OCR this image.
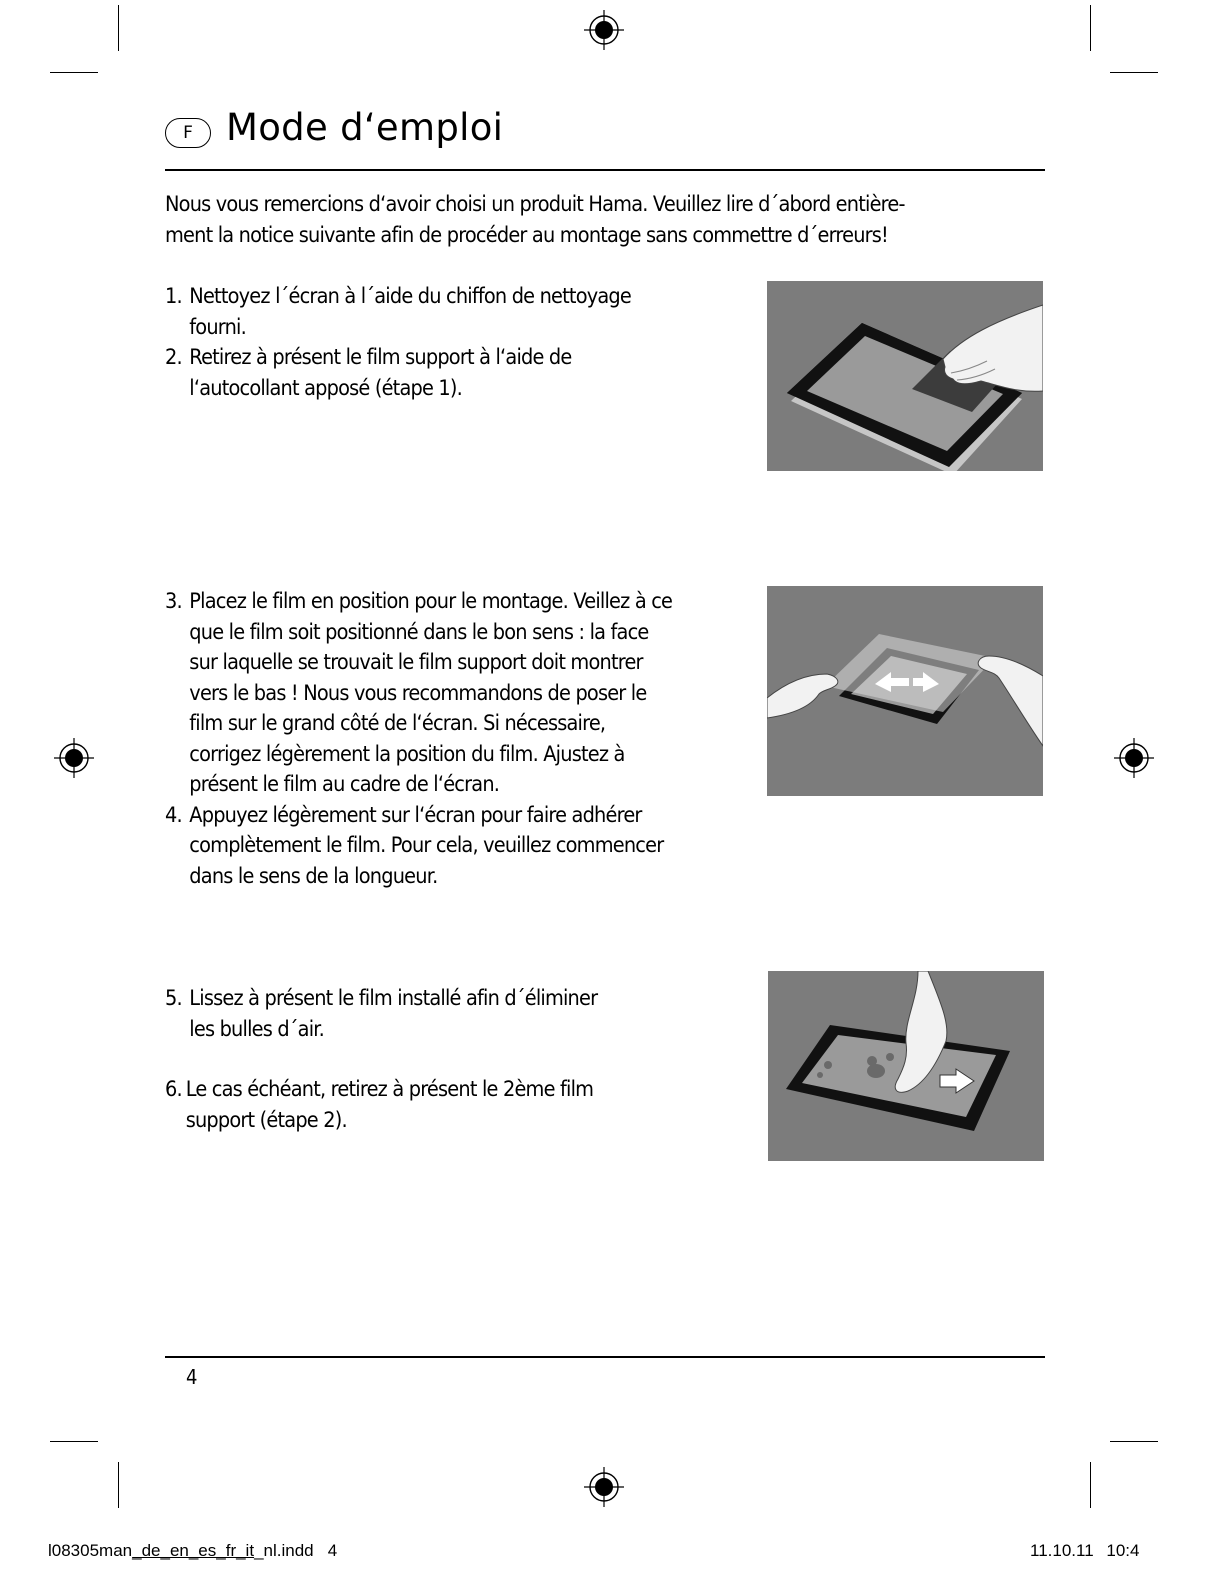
F Mode d‘emploi

Nous vous remercions d‘avoir choisi un produit Hama. Veuillez lire d´abord entière-

ment la notice suivante afin de procéder au montage sans commettre d´erreurs!

1. Nettoyez l´écran à l´aide du chiffon de nettoyage
fourni.
2. Retirez à présent le film support à l‘aide de
l‘autocollant apposé (étape 1).
3. Placez le film en position pour le montage. Veillez à ce
que le film soit positionné dans le bon sens : la face
sur laquelle se trouvait le film support doit montrer
vers le bas ! Nous vous recommandons de poser le
film sur le grand côté de l‘écran. Si nécessaire,
corrigez légèrement la position du film. Ajustez à
présent le film au cadre de l‘écran.
4. Appuyez légèrement sur l‘écran pour faire adhérer
complètement le film. Pour cela, veuillez commencer
dans le sens de la longueur.
5. Lissez à présent le film installé afin d´éliminer
les bulles d´air.
6. Le cas échéant, retirez à présent le 2ème film
support (étape 2).
4
l08305man_de_en_es_fr_it_nl.indd   4	11.10.11 10:4
